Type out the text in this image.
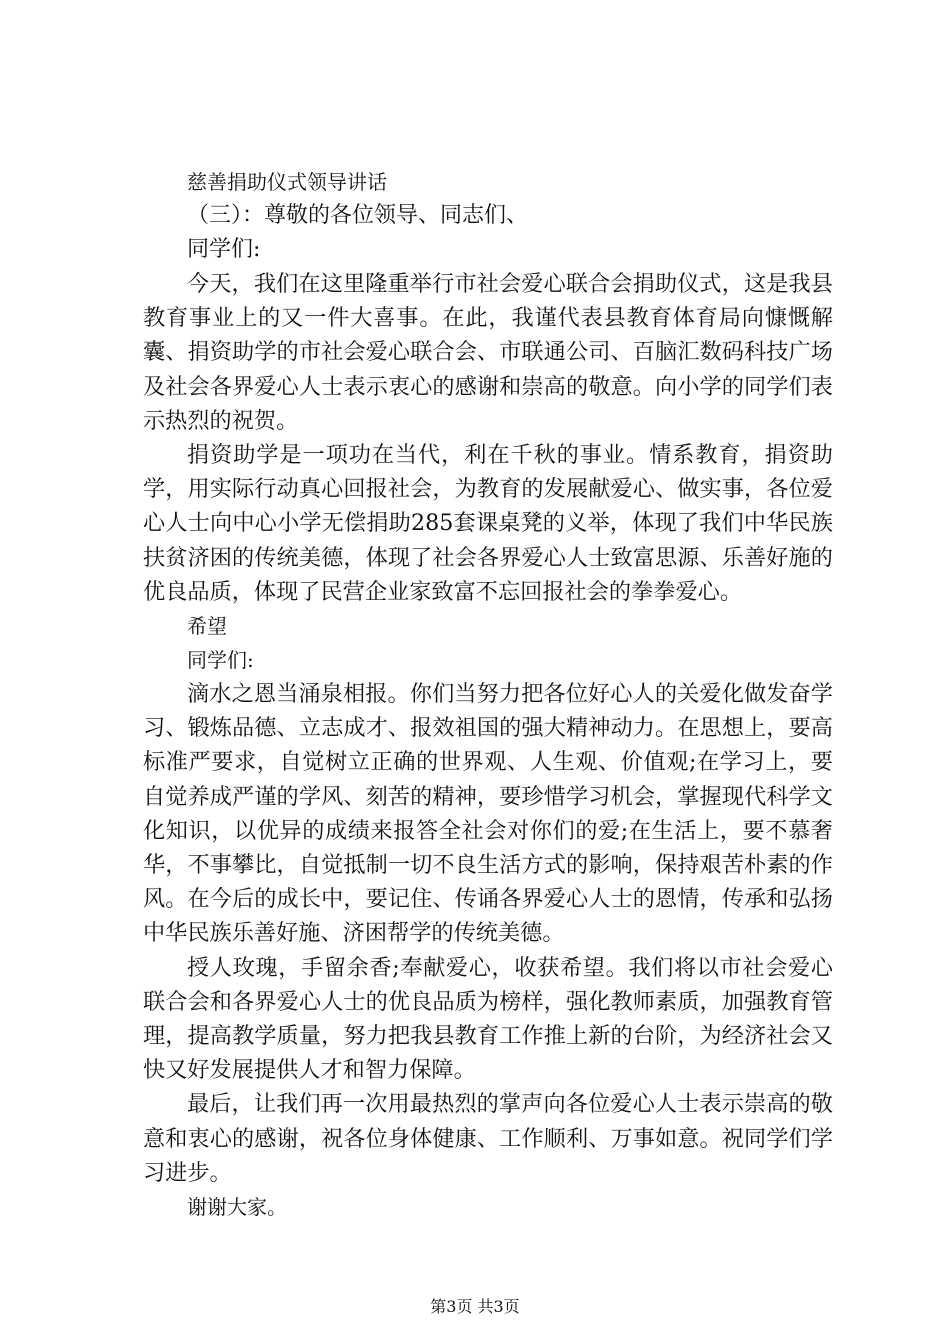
慈善捐助仪式领导讲话

（三）：尊敬的各位领导、同志们、

同学们:

今天，我们在这里隆重举行市社会爱心联合会捐助仪式，这是我县教育事业上的又一件大喜事。在此，我谨代表县教育体育局向慷慨解囊、捐资助学的市社会爱心联合会、市联通公司、百脑汇数码科技广场及社会各界爱心人士表示衷心的感谢和崇高的敬意。向小学的同学们表示热烈的祝贺。

捐资助学是一项功在当代，利在千秋的事业。情系教育，捐资助学，用实际行动真心回报社会，为教育的发展献爱心、做实事，各位爱心人士向中心小学无偿捐助285套课桌凳的义举，体现了我们中华民族扶贫济困的传统美德，体现了社会各界爱心人士致富思源、乐善好施的优良品质，体现了民营企业家致富不忘回报社会的拳拳爱心。

希望

同学们:

滴水之恩当涌泉相报。你们当努力把各位好心人的关爱化做发奋学习、锻炼品德、立志成才、报效祖国的强大精神动力。在思想上，要高标准严要求，自觉树立正确的世界观、人生观、价值观;在学习上，要自觉养成严谨的学风、刻苦的精神，要珍惜学习机会，掌握现代科学文化知识，以优异的成绩来报答全社会对你们的爱;在生活上，要不慕奢华，不事攀比，自觉抵制一切不良生活方式的影响，保持艰苦朴素的作风。在今后的成长中，要记住、传诵各界爱心人士的恩情，传承和弘扬中华民族乐善好施、济困帮学的传统美德。

授人玫瑰，手留余香;奉献爱心，收获希望。我们将以市社会爱心联合会和各界爱心人士的优良品质为榜样，强化教师素质，加强教育管理，提高教学质量，努力把我县教育工作推上新的台阶，为经济社会又快又好发展提供人才和智力保障。

最后，让我们再一次用最热烈的掌声向各位爱心人士表示崇高的敬意和衷心的感谢，祝各位身体健康、工作顺利、万事如意。祝同学们学习进步。

谢谢大家。

第3页 共3页
